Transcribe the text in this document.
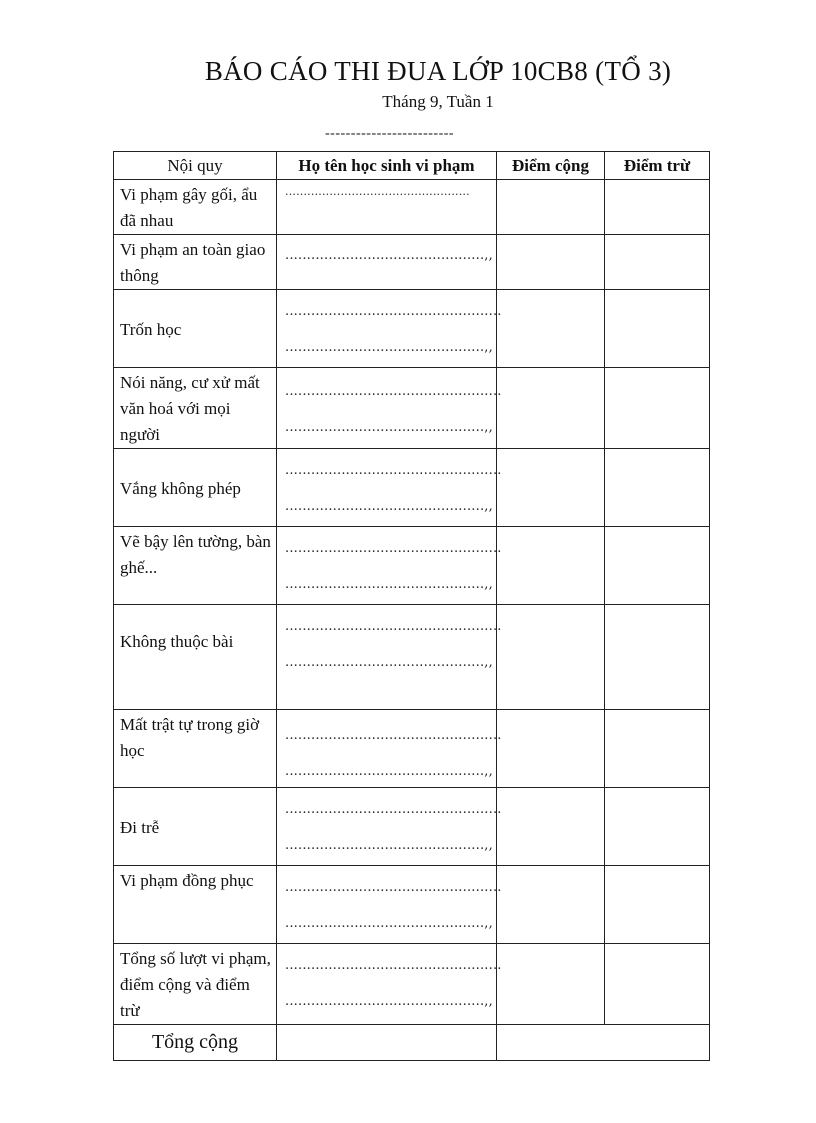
BÁO CÁO THI ĐUA LỚP 10CB8 (TỔ 3)
Tháng 9, Tuần 1
-------------------------
Nội quy	Họ tên học sinh vi phạm	Điểm cộng	Điểm trừ
Vi phạm gây gối, ẩu đã nhau	..................................................		

Vi phạm an toàn giao thông	..............................................,,		

Trốn học	..................................................
..............................................,,		

Nói năng, cư xử mất văn hoá với mọi người	..................................................
..............................................,,		

Vắng không phép	..................................................
..............................................,,		

Vẽ bậy lên tường, bàn ghế...	..................................................
..............................................,,		

Không thuộc bài	..................................................
..............................................,,		

Mất trật tự trong giờ học	..................................................
..............................................,,		

Đi trễ	..................................................
..............................................,,		

Vi phạm đồng phục	..................................................
..............................................,,		

Tổng số lượt vi phạm, điểm cộng và điểm trừ	..................................................
..............................................,,		

Tổng cộng			
